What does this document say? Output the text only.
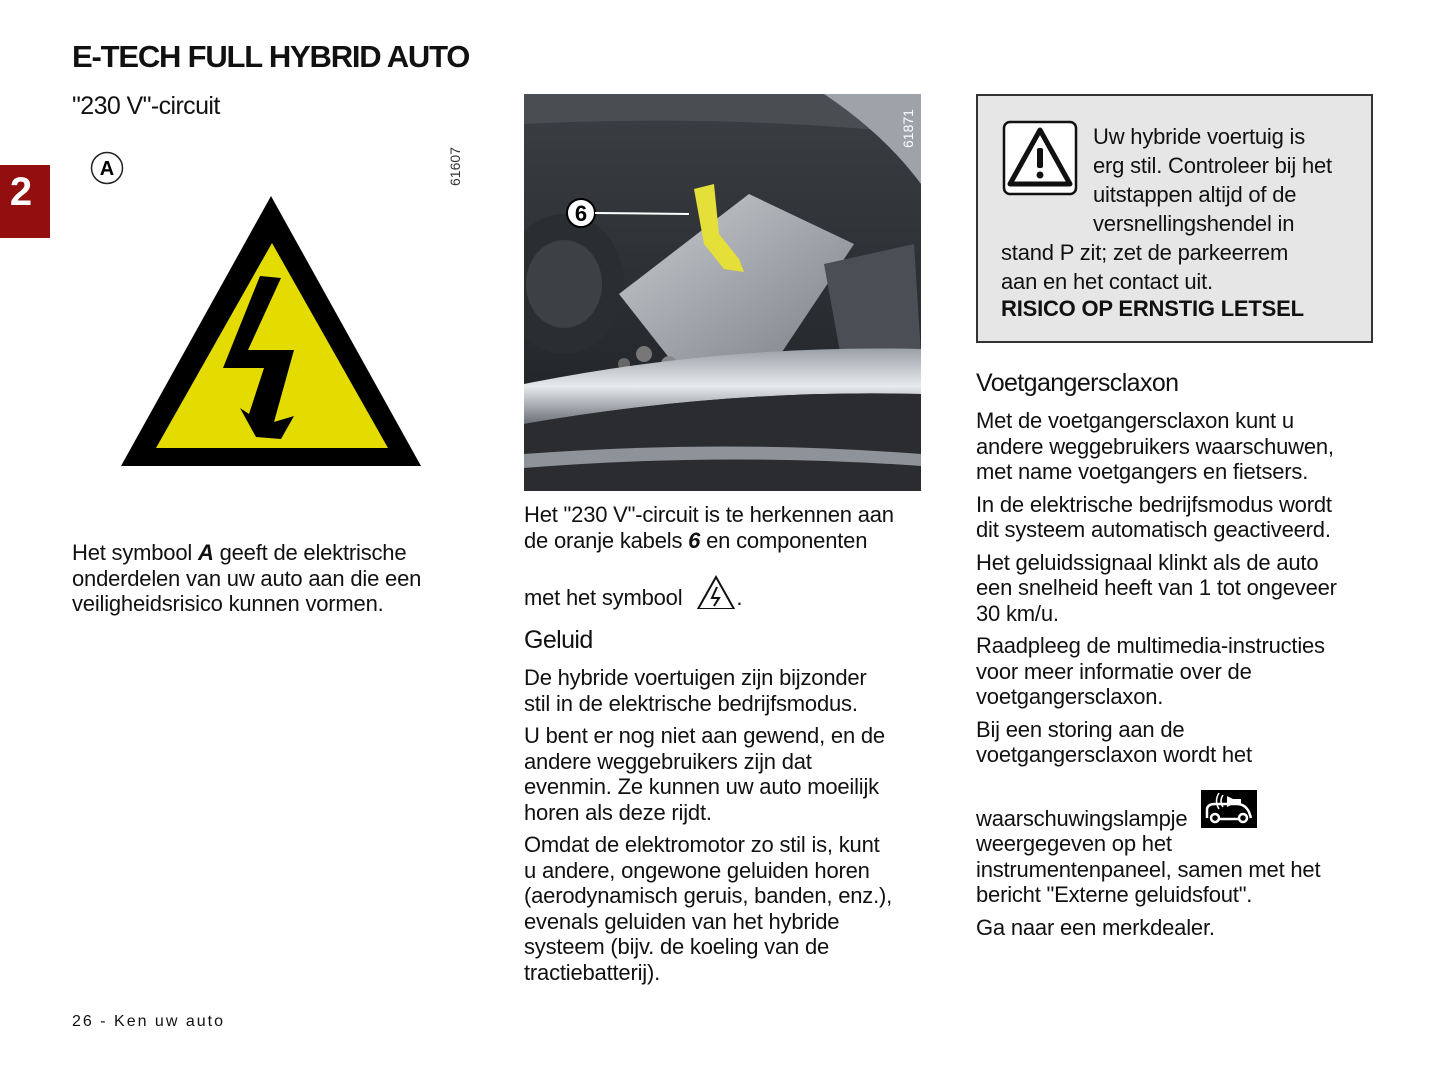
E-TECH FULL HYBRID AUTO
2
"230 V"-circuit
A	61607
Het symbool A geeft de elektrische
onderdelen van uw auto aan die een
veiligheidsrisico kunnen vormen.
6
61871
Het "230 V"-circuit is te herkennen aan
de oranje kabels 6 en componenten
met het symbool .
Geluid
De hybride voertuigen zijn bijzonder
stil in de elektrische bedrijfsmodus.
U bent er nog niet aan gewend, en de
andere weggebruikers zijn dat
evenmin. Ze kunnen uw auto moeilijk
horen als deze rijdt.
Omdat de elektromotor zo stil is, kunt
u andere, ongewone geluiden horen
(aerodynamisch geruis, banden, enz.),
evenals geluiden van het hybride
systeem (bijv. de koeling van de
tractiebatterij).
Uw hybride voertuig is
erg stil. Controleer bij het
uitstappen altijd of de
versnellingshendel in
stand P zit; zet de parkeerrem
aan en het contact uit.
RISICO OP ERNSTIG LETSEL
Voetgangersclaxon
Met de voetgangersclaxon kunt u
andere weggebruikers waarschuwen,
met name voetgangers en fietsers.
In de elektrische bedrijfsmodus wordt
dit systeem automatisch geactiveerd.
Het geluidssignaal klinkt als de auto
een snelheid heeft van 1 tot ongeveer
30 km/u.
Raadpleeg de multimedia-instructies
voor meer informatie over de
voetgangersclaxon.
Bij een storing aan de
voetgangersclaxon wordt het
waarschuwingslampje
weergegeven op het
instrumentenpaneel, samen met het
bericht "Externe geluidsfout".
Ga naar een merkdealer.
26 - Ken uw auto
